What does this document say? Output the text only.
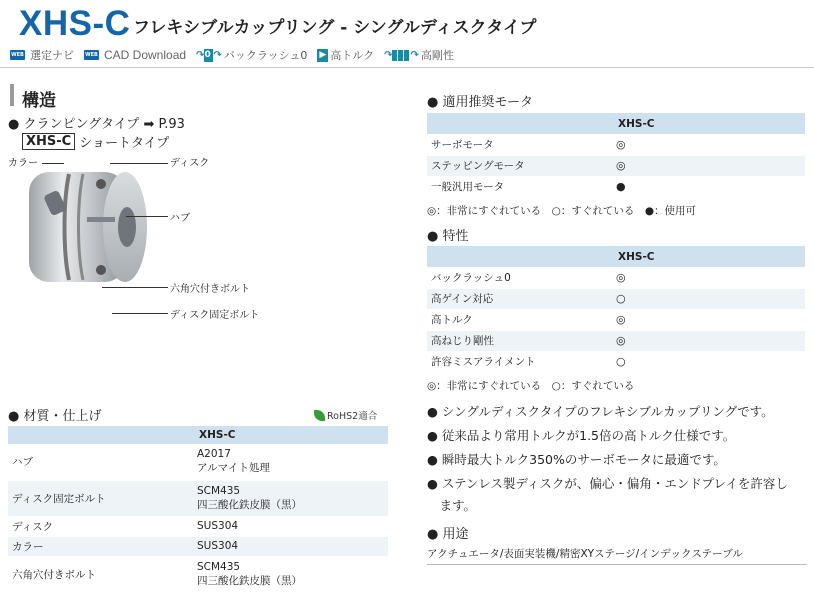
XHS-C フレキシブルカップリング - シングルディスクタイプ
WEB 選定ナビ WEB CAD Download ↷ 0 ↷ バックラッシュ0 ▶ 高トルク ↷ ↷ 高剛性
構造
● クランピングタイプ ➡ P.93
XHS-C ショートタイプ
カラー	ディスク
ハブ
六角穴付きボルト
ディスク固定ボルト
● 材質・仕上げ	RoHS2適合
	XHS-C
ハブ	A2017
アルマイト処理

ディスク固定ボルト	SCM435
四三酸化鉄皮膜（黒）

ディスク	SUS304
カラー	SUS304
六角穴付きボルト	SCM435
四三酸化鉄皮膜（黒）
● 適用推奨モータ
	XHS-C
サーボモータ	◎
ステッピングモータ	◎
一般汎用モータ	●
◎：非常にすぐれている　○：すぐれている　●：使用可
● 特性
	XHS-C
バックラッシュ0	◎
高ゲイン対応	○
高トルク	◎
高ねじり剛性	◎
許容ミスアライメント	○
◎：非常にすぐれている　○：すぐれている
● シングルディスクタイプのフレキシブルカップリングです。
● 従来品より常用トルクが1.5倍の高トルク仕様です。
● 瞬時最大トルク350%のサーボモータに最適です。
● ステンレス製ディスクが、偏心・偏角・エンドプレイを許容し
　ます。
● 用途
アクチュエータ/表面実装機/精密XYステージ/インデックステーブル
